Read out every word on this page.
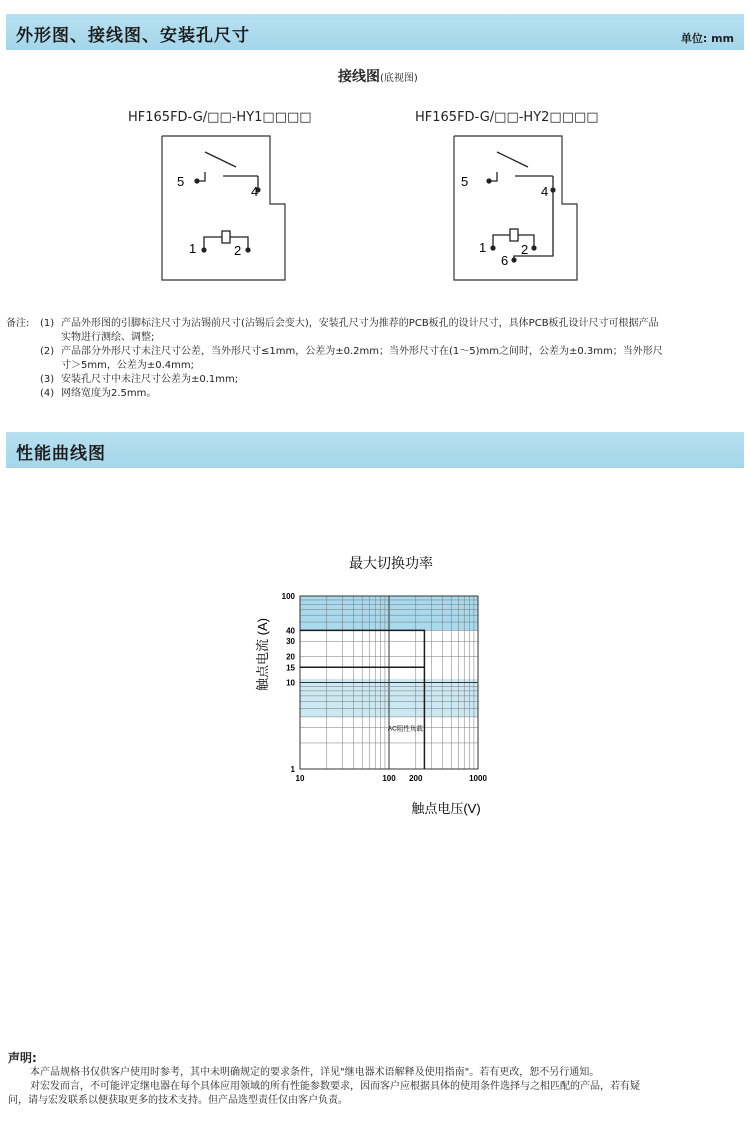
外形图、接线图、安装孔尺寸	单位: mm
接线图(底视图)
HF165FD-G/□□-HY1□□□□	HF165FD-G/□□-HY2□□□□
5
4
1	2
5
4
1	2
6
备注: (1) 产品外形图的引脚标注尺寸为沾锡前尺寸(沾锡后会变大)，安装孔尺寸为推荐的PCB板孔的设计尺寸，具体PCB板孔设计尺寸可根据产品
实物进行测绘、调整;
(2) 产品部分外形尺寸未注尺寸公差，当外形尺寸≤1mm，公差为±0.2mm；当外形尺寸在(1～5)mm之间时，公差为±0.3mm；当外形尺
寸＞5mm，公差为±0.4mm;
(3) 安装孔尺寸中未注尺寸公差为±0.1mm;
(4) 网络宽度为2.5mm。
性能曲线图
10	100 200	1000
1
10
15
20
30
40
100
最大切换功率
触点电压(V)
触点电流 (A)
AC阻性负载
声明:
本产品规格书仅供客户使用时参考，其中未明确规定的要求条件，详见"继电器术语解释及使用指南"。若有更改，恕不另行通知。
对宏发而言，不可能评定继电器在每个具体应用领域的所有性能参数要求，因而客户应根据具体的使用条件选择与之相匹配的产品，若有疑
问，请与宏发联系以便获取更多的技术支持。但产品选型责任仅由客户负责。
